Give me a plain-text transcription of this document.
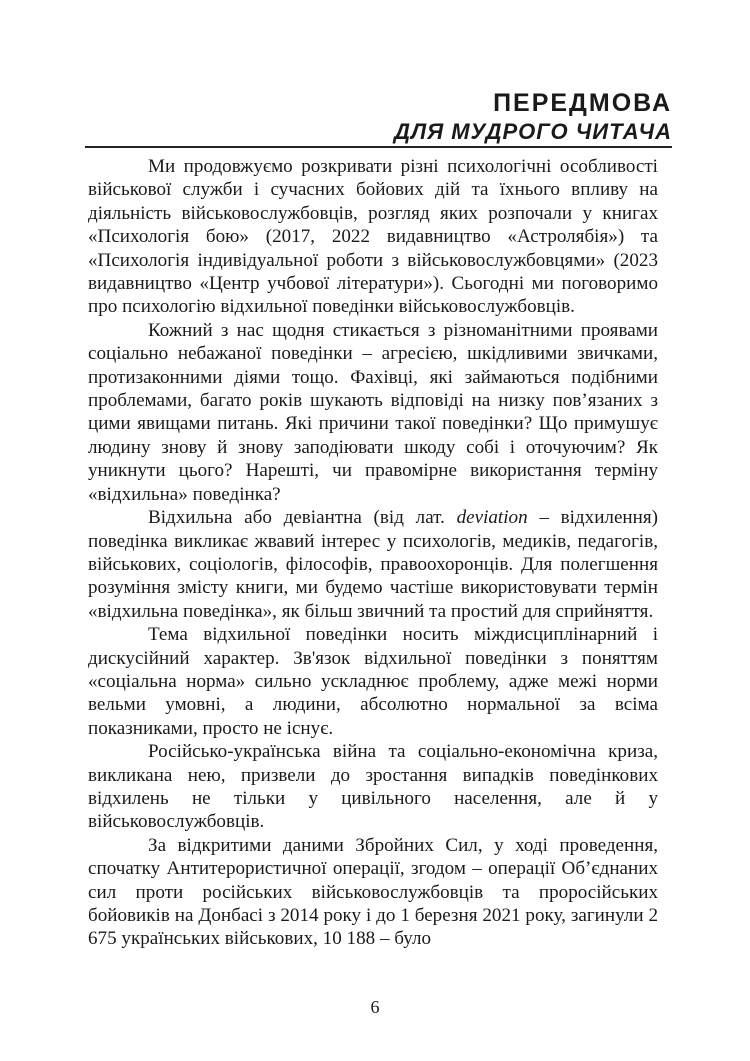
ПЕРЕДМОВА
ДЛЯ МУДРОГО ЧИТАЧА

Ми продовжуємо розкривати різні психологічні особливості військової служби і сучасних бойових дій та їхнього впливу на діяльність військовослужбовців, розгляд яких розпочали у книгах «Психологія бою» (2017, 2022 видавництво «Астролябія») та «Психологія індивідуальної роботи з військовослужбовцями» (2023 видавництво «Центр учбової літератури»). Сьогодні ми поговоримо про психологію відхильної поведінки військовослужбовців.

Кожний з нас щодня стикається з різноманітними проявами соціально небажаної поведінки – агресією, шкідливими звичками, протизаконними діями тощо. Фахівці, які займаються подібними проблемами, багато років шукають відповіді на низку пов’язаних з цими явищами питань. Які причини такої поведінки? Що примушує людину знову й знову заподіювати шкоду собі і оточуючим? Як уникнути цього? Нарешті, чи правомірне використання терміну «відхильна» поведінка?

Відхильна або девіантна (від лат. deviation – відхилення) поведінка викликає жвавий інтерес у психологів, медиків, педагогів, військових, соціологів, філософів, правоохоронців. Для полегшення розуміння змісту книги, ми будемо частіше використовувати термін «відхильна поведінка», як більш звичний та простий для сприйняття.

Тема відхильної поведінки носить міждисциплінарний і дискусійний характер. Зв'язок відхильної поведінки з поняттям «соціальна норма» сильно ускладнює проблему, адже межі норми вельми умовні, а людини, абсолютно нормальної за всіма показниками, просто не існує.

Російсько-українська війна та соціально-економічна криза, викликана нею, призвели до зростання випадків поведінкових відхилень не тільки у цивільного населення, але й у військовослужбовців.

За відкритими даними Збройних Сил, у ході проведення, спочатку Антитерористичної операції, згодом – операції Об’єднаних сил проти російських військовослужбовців та проросійських бойовиків на Донбасі з 2014 року і до 1 березня 2021 року, загинули 2 675 українських військових, 10 188 – було

6
